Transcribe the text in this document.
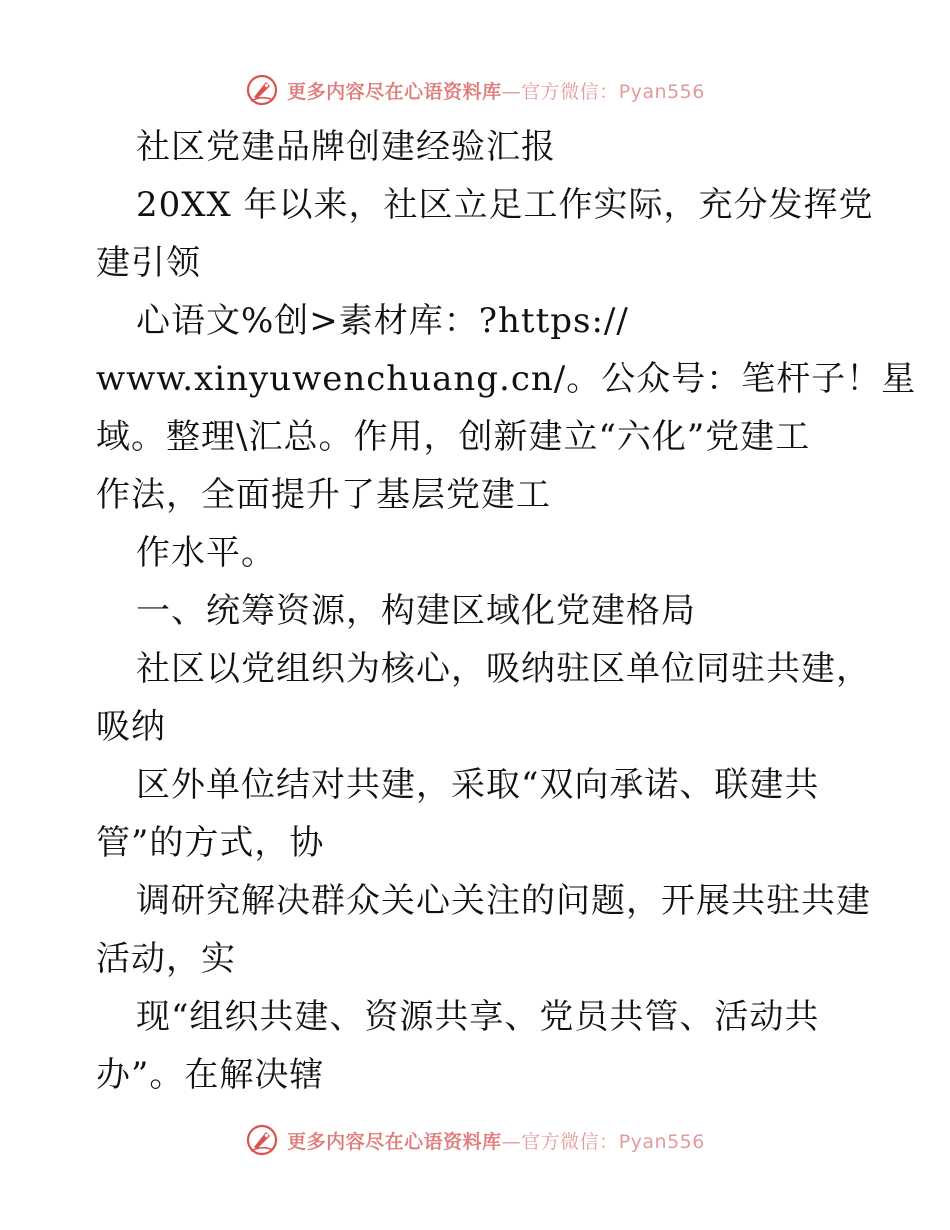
更多内容尽在心语资料库—官方微信：Pyan556
社区党建品牌创建经验汇报
20XX 年以来，社区立足工作实际，充分发挥党
建引领
心语文%创>素材库：?https://
www.xinyuwenchuang.cn/。公众号：笔杆子！星
域。整理\汇总。作用，创新建立“六化”党建工
作法，全面提升了基层党建工
作水平。
一、统筹资源，构建区域化党建格局
社区以党组织为核心，吸纳驻区单位同驻共建，
吸纳
区外单位结对共建，采取“双向承诺、联建共
管”的方式，协
调研究解决群众关心关注的问题，开展共驻共建
活动，实
现“组织共建、资源共享、党员共管、活动共
办”。在解决辖
更多内容尽在心语资料库—官方微信：Pyan556
